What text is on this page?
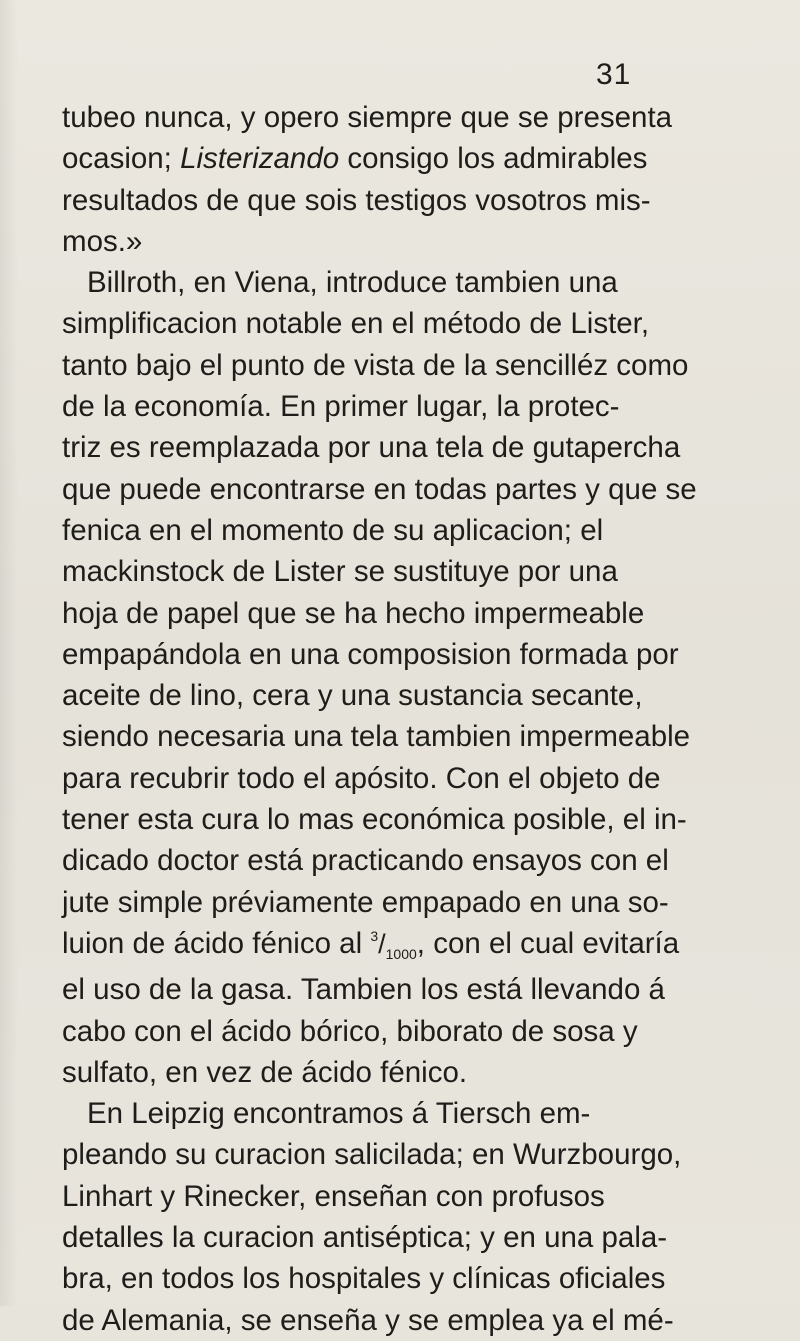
31
tubeo nunca, y opero siempre que se presenta
ocasion; Listerizando consigo los admirables
resultados de que sois testigos vosotros mis-
mos.»
Billroth, en Viena, introduce tambien una
simplificacion notable en el método de Lister,
tanto bajo el punto de vista de la sencilléz como
de la economía. En primer lugar, la protec-
triz es reemplazada por una tela de gutapercha
que puede encontrarse en todas partes y que se
fenica en el momento de su aplicacion; el
mackinstock de Lister se sustituye por una
hoja de papel que se ha hecho impermeable
empapándola en una composision formada por
aceite de lino, cera y una sustancia secante,
siendo necesaria una tela tambien impermeable
para recubrir todo el apósito. Con el objeto de
tener esta cura lo mas económica posible, el in-
dicado doctor está practicando ensayos con el
jute simple préviamente empapado en una so-
luion de ácido fénico al $^3/_{1000}$, con el cual evitaría
el uso de la gasa. Tambien los está llevando á
cabo con el ácido bórico, biborato de sosa y
sulfato, en vez de ácido fénico.
En Leipzig encontramos á Tiersch em-
pleando su curacion salicilada; en Wurzbourgo,
Linhart y Rinecker, enseñan con profusos
detalles la curacion antiséptica; y en una pala-
bra, en todos los hospitales y clínicas oficiales
de Alemania, se enseña y se emplea ya el mé-
